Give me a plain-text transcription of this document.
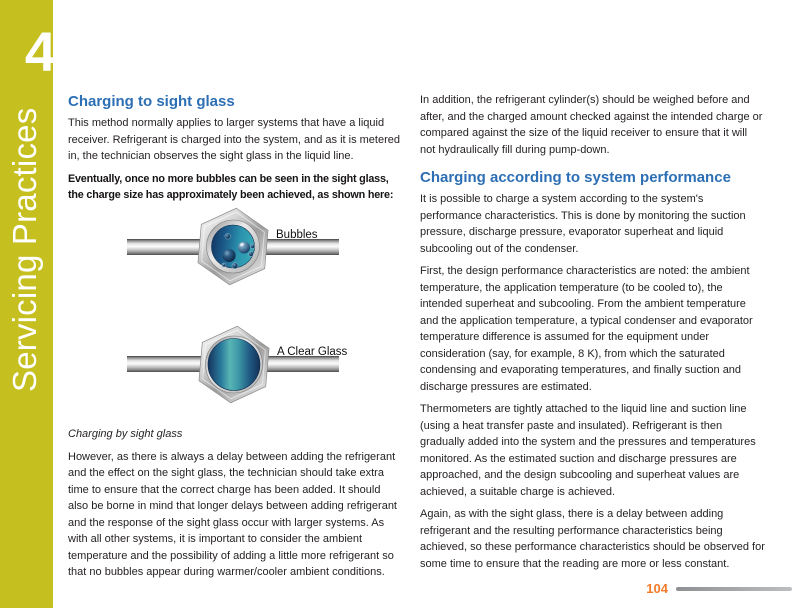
4
Servicing Practices
Charging to sight glass

This method normally applies to larger systems that have a liquid receiver. Refrigerant is charged into the system, and as it is metered in, the technician observes the sight glass in the liquid line.

Eventually, once no more bubbles can be seen in the sight glass, the charge size has approximately been achieved, as shown here:

Bubbles
A Clear Glass

Charging by sight glass

However, as there is always a delay between adding the refrigerant and the effect on the sight glass, the technician should take extra time to ensure that the correct charge has been added. It should also be borne in mind that longer delays between adding refrigerant and the response of the sight glass occur with larger systems. As with all other systems, it is important to consider the ambient temperature and the possibility of adding a little more refrigerant so that no bubbles appear during warmer/cooler ambient conditions.

In addition, the refrigerant cylinder(s) should be weighed before and after, and the charged amount checked against the intended charge or compared against the size of the liquid receiver to ensure that it will not hydraulically fill during pump-down.

Charging according to system performance

It is possible to charge a system according to the system's performance characteristics. This is done by monitoring the suction pressure, discharge pressure, evaporator superheat and liquid subcooling out of the condenser.

First, the design performance characteristics are noted: the ambient temperature, the application temperature (to be cooled to), the intended superheat and subcooling. From the ambient temperature and the application temperature, a typical condenser and evaporator temperature difference is assumed for the equipment under consideration (say, for example, 8 K), from which the saturated condensing and evaporating temperatures, and finally suction and discharge pressures are estimated.

Thermometers are tightly attached to the liquid line and suction line (using a heat transfer paste and insulated). Refrigerant is then gradually added into the system and the pressures and temperatures monitored. As the estimated suction and discharge pressures are approached, and the design subcooling and superheat values are achieved, a suitable charge is achieved.

Again, as with the sight glass, there is a delay between adding refrigerant and the resulting performance characteristics being achieved, so these performance characteristics should be observed for some time to ensure that the reading are more or less constant.

104
